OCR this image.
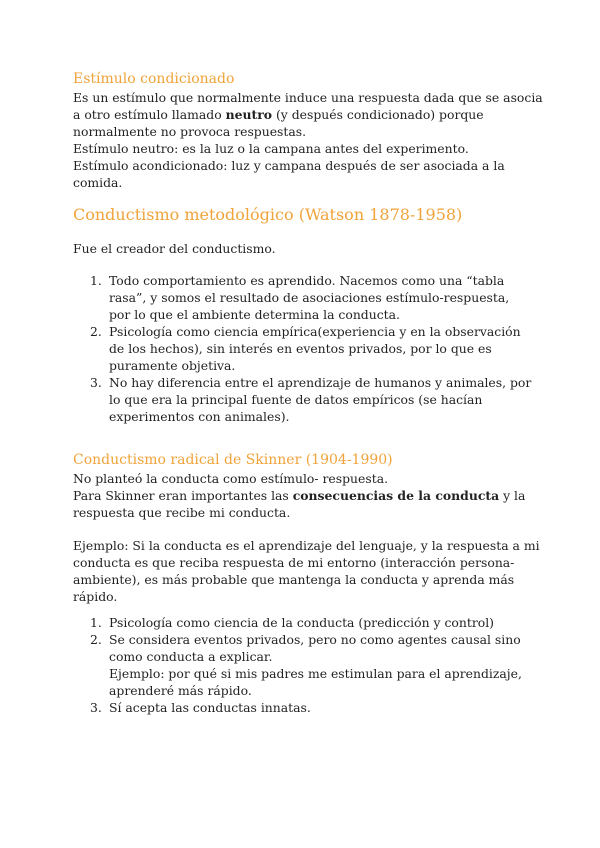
Estímulo condicionado

Es un estímulo que normalmente induce una respuesta dada que se asocia a otro estímulo llamado neutro (y después condicionado) porque normalmente no provoca respuestas.

Estímulo neutro: es la luz o la campana antes del experimento.

Estímulo acondicionado: luz y campana después de ser asociada a la comida.

Conductismo metodológico (Watson 1878-1958)
Fue el creador del conductismo.
1. Todo comportamiento es aprendido. Nacemos como una “tabla rasa”, y somos el resultado de asociaciones estímulo-respuesta, por lo que el ambiente determina la conducta.
2. Psicología como ciencia empírica(experiencia y en la observación de los hechos), sin interés en eventos privados, por lo que es puramente objetiva.
3. No hay diferencia entre el aprendizaje de humanos y animales, por lo que era la principal fuente de datos empíricos (se hacían experimentos con animales).
Conductismo radical de Skinner (1904-1990)

No planteó la conducta como estímulo- respuesta.

Para Skinner eran importantes las consecuencias de la conducta y la respuesta que recibe mi conducta.

Ejemplo: Si la conducta es el aprendizaje del lenguaje, y la respuesta a mi conducta es que reciba respuesta de mi entorno (interacción persona-ambiente), es más probable que mantenga la conducta y aprenda más rápido.
1. Psicología como ciencia de la conducta (predicción y control)
2. Se considera eventos privados, pero no como agentes causal sino como conducta a explicar.
Ejemplo: por qué si mis padres me estimulan para el aprendizaje, aprenderé más rápido.
3. Sí acepta las conductas innatas.
